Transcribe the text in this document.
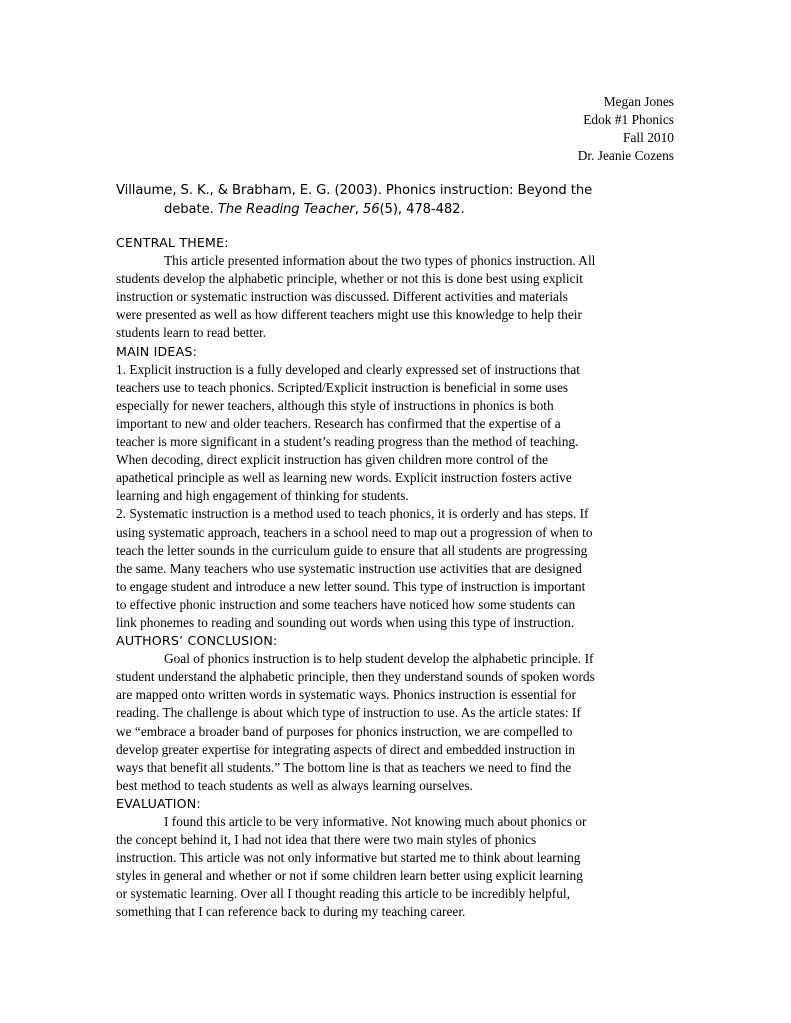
Megan Jones
Edok #1 Phonics
Fall 2010
Dr. Jeanie Cozens
Villaume, S. K., & Brabham, E. G. (2003). Phonics instruction: Beyond the
debate. The Reading Teacher, 56(5), 478-482.
CENTRAL THEME:
This article presented information about the two types of phonics instruction. All
students develop the alphabetic principle, whether or not this is done best using explicit
instruction or systematic instruction was discussed. Different activities and materials
were presented as well as how different teachers might use this knowledge to help their
students learn to read better.
MAIN IDEAS:
1. Explicit instruction is a fully developed and clearly expressed set of instructions that
teachers use to teach phonics. Scripted/Explicit instruction is beneficial in some uses
especially for newer teachers, although this style of instructions in phonics is both
important to new and older teachers. Research has confirmed that the expertise of a
teacher is more significant in a student’s reading progress than the method of teaching.
When decoding, direct explicit instruction has given children more control of the
apathetical principle as well as learning new words. Explicit instruction fosters active
learning and high engagement of thinking for students.
2. Systematic instruction is a method used to teach phonics, it is orderly and has steps. If
using systematic approach, teachers in a school need to map out a progression of when to
teach the letter sounds in the curriculum guide to ensure that all students are progressing
the same. Many teachers who use systematic instruction use activities that are designed
to engage student and introduce a new letter sound. This type of instruction is important
to effective phonic instruction and some teachers have noticed how some students can
link phonemes to reading and sounding out words when using this type of instruction.
AUTHORS’ CONCLUSION:
Goal of phonics instruction is to help student develop the alphabetic principle. If
student understand the alphabetic principle, then they understand sounds of spoken words
are mapped onto written words in systematic ways. Phonics instruction is essential for
reading. The challenge is about which type of instruction to use. As the article states: If
we “embrace a broader band of purposes for phonics instruction, we are compelled to
develop greater expertise for integrating aspects of direct and embedded instruction in
ways that benefit all students.” The bottom line is that as teachers we need to find the
best method to teach students as well as always learning ourselves.
EVALUATION:
I found this article to be very informative. Not knowing much about phonics or
the concept behind it, I had not idea that there were two main styles of phonics
instruction. This article was not only informative but started me to think about learning
styles in general and whether or not if some children learn better using explicit learning
or systematic learning. Over all I thought reading this article to be incredibly helpful,
something that I can reference back to during my teaching career.
